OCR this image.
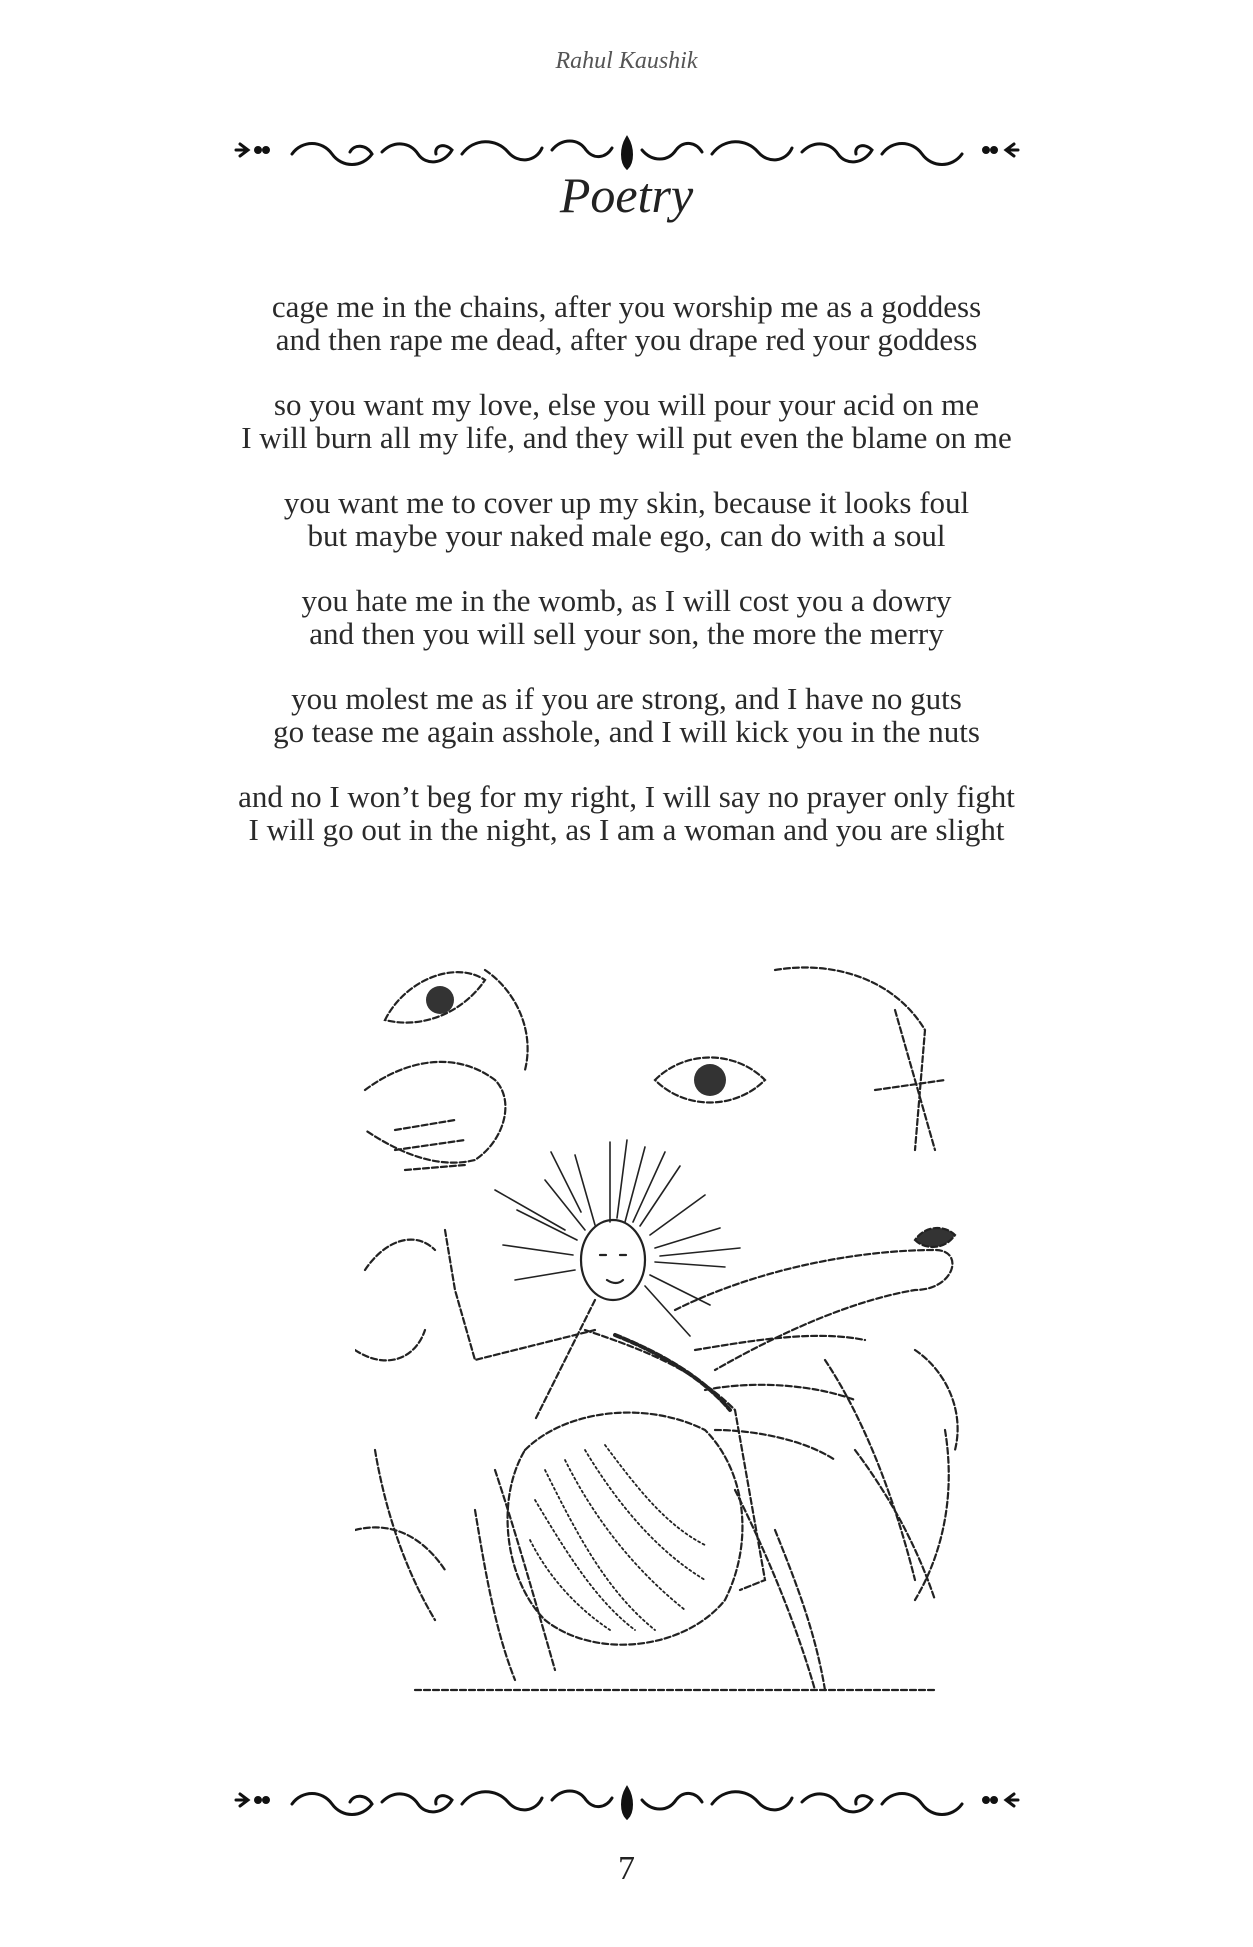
Rahul Kaushik
Poetry
cage me in the chains, after you worship me as a goddess
and then rape me dead, after you drape red your goddess
so you want my love, else you will pour your acid on me
I will burn all my life, and they will put even the blame on me
you want me to cover up my skin, because it looks foul
but maybe your naked male ego, can do with a soul
you hate me in the womb, as I will cost you a dowry
and then you will sell your son, the more the merry
you molest me as if you are strong, and I have no guts
go tease me again asshole, and I will kick you in the nuts
and no I won’t beg for my right, I will say no prayer only fight
I will go out in the night, as I am a woman and you are slight
7
